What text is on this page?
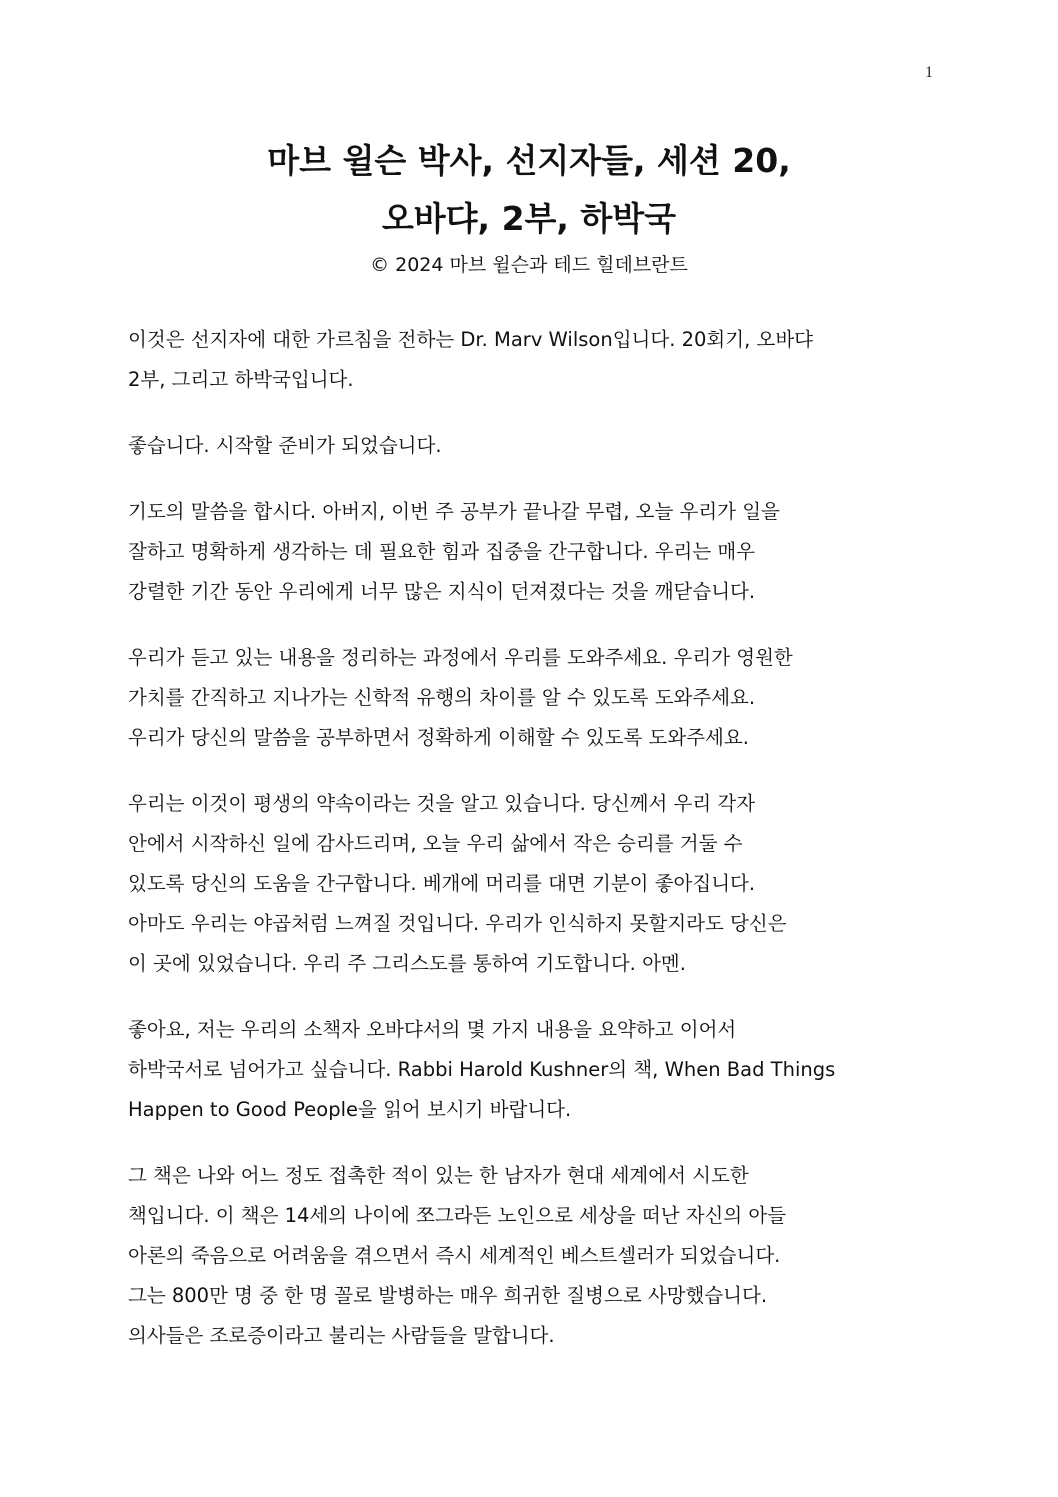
1
마브 윌슨 박사, 선지자들, 세션 20,
오바댜, 2부, 하박국
© 2024 마브 윌슨과 테드 힐데브란트

이것은 선지자에 대한 가르침을 전하는 Dr. Marv Wilson입니다. 20회기, 오바댜
2부, 그리고 하박국입니다.

좋습니다. 시작할 준비가 되었습니다.

기도의 말씀을 합시다. 아버지, 이번 주 공부가 끝나갈 무렵, 오늘 우리가 일을
잘하고 명확하게 생각하는 데 필요한 힘과 집중을 간구합니다. 우리는 매우
강렬한 기간 동안 우리에게 너무 많은 지식이 던져졌다는 것을 깨닫습니다.

우리가 듣고 있는 내용을 정리하는 과정에서 우리를 도와주세요. 우리가 영원한
가치를 간직하고 지나가는 신학적 유행의 차이를 알 수 있도록 도와주세요.
우리가 당신의 말씀을 공부하면서 정확하게 이해할 수 있도록 도와주세요.

우리는 이것이 평생의 약속이라는 것을 알고 있습니다. 당신께서 우리 각자
안에서 시작하신 일에 감사드리며, 오늘 우리 삶에서 작은 승리를 거둘 수
있도록 당신의 도움을 간구합니다. 베개에 머리를 대면 기분이 좋아집니다.
아마도 우리는 야곱처럼 느껴질 것입니다. 우리가 인식하지 못할지라도 당신은
이 곳에 있었습니다. 우리 주 그리스도를 통하여 기도합니다. 아멘.

좋아요, 저는 우리의 소책자 오바댜서의 몇 가지 내용을 요약하고 이어서
하박국서로 넘어가고 싶습니다. Rabbi Harold Kushner의 책, When Bad Things
Happen to Good People을 읽어 보시기 바랍니다.

그 책은 나와 어느 정도 접촉한 적이 있는 한 남자가 현대 세계에서 시도한
책입니다. 이 책은 14세의 나이에 쪼그라든 노인으로 세상을 떠난 자신의 아들
아론의 죽음으로 어려움을 겪으면서 즉시 세계적인 베스트셀러가 되었습니다.
그는 800만 명 중 한 명 꼴로 발병하는 매우 희귀한 질병으로 사망했습니다.
의사들은 조로증이라고 불리는 사람들을 말합니다.
